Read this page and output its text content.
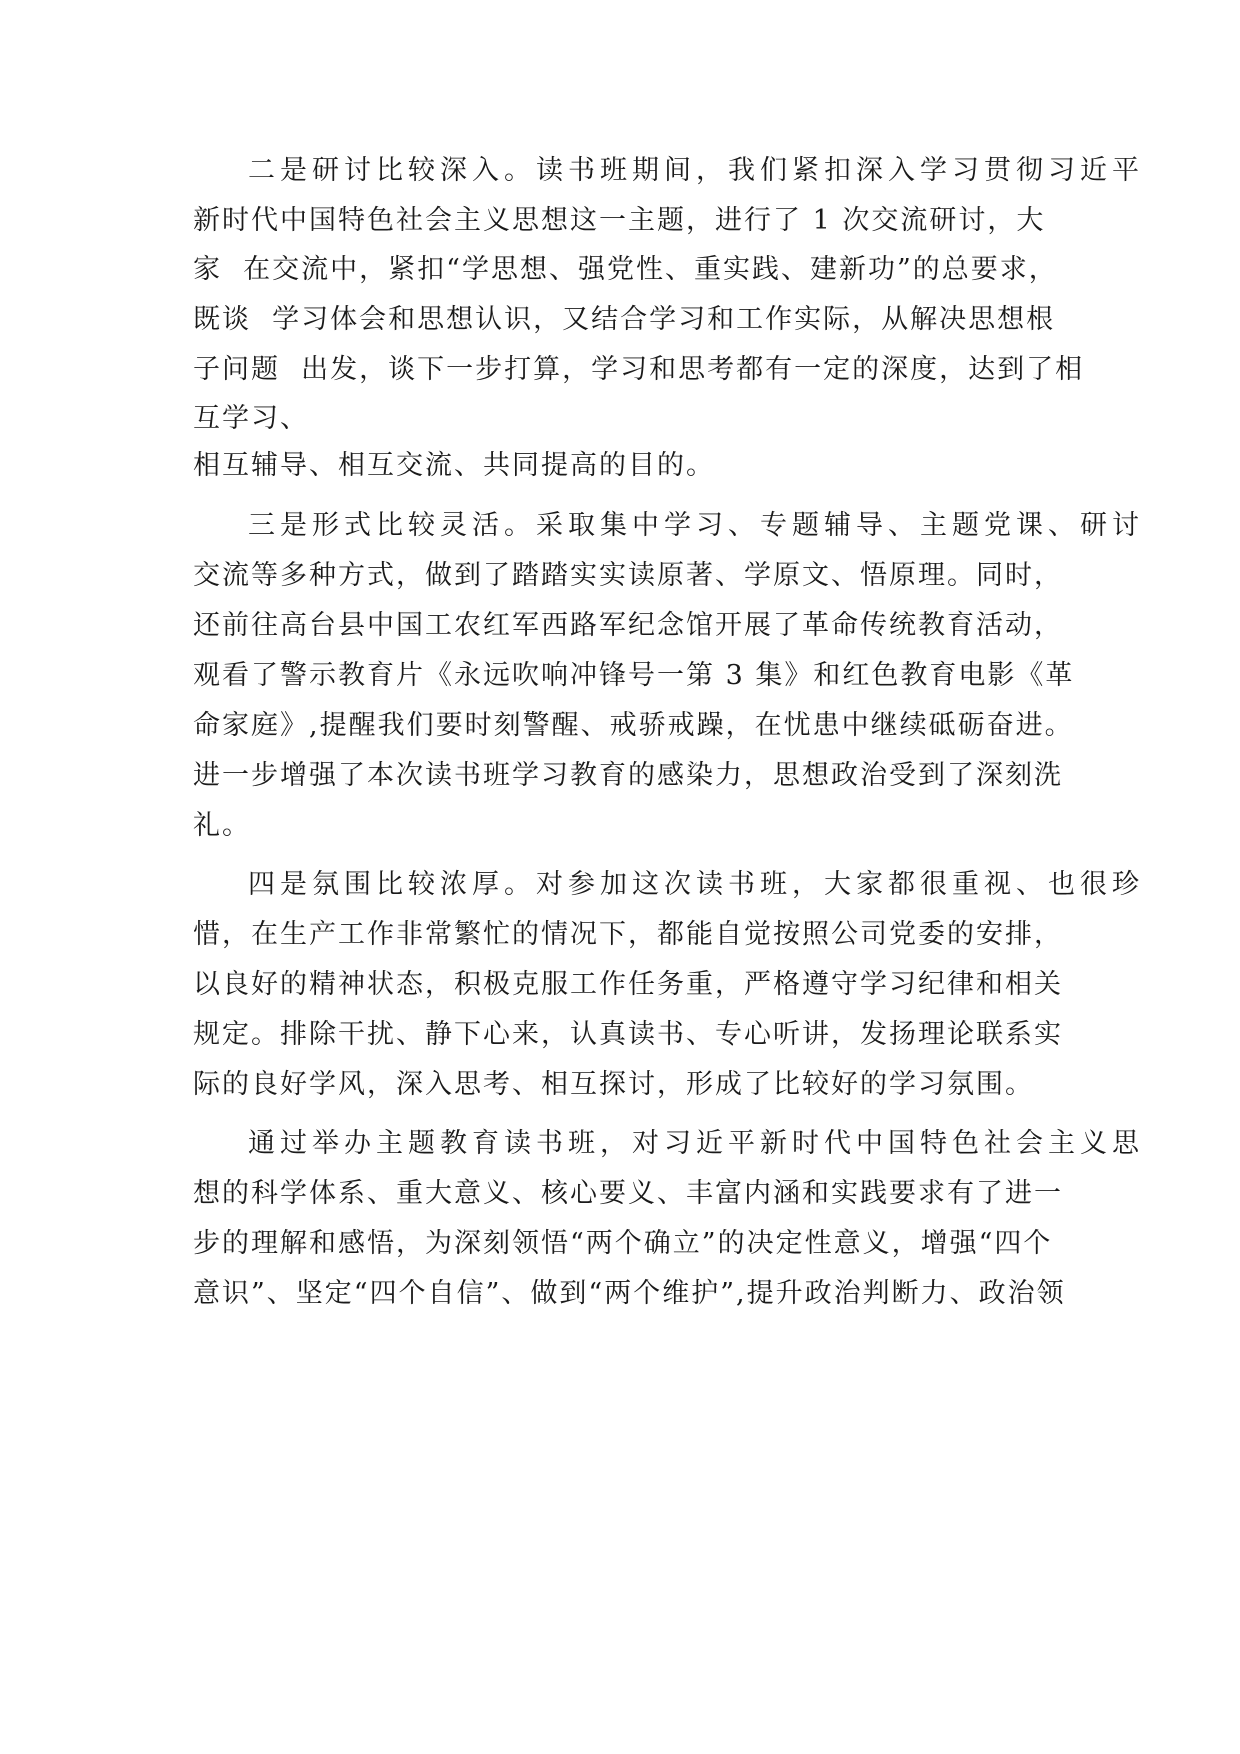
二是研讨比较深入。读书班期间，我们紧扣深入学习贯彻习近平
新时代中国特色社会主义思想这一主题，进行了 1 次交流研讨，大
家  在交流中，紧扣“学思想、强党性、重实践、建新功”的总要求，
既谈  学习体会和思想认识，又结合学习和工作实际，从解决思想根
子问题  出发，谈下一步打算，学习和思考都有一定的深度，达到了相
互学习、
相互辅导、相互交流、共同提高的目的。
三是形式比较灵活。采取集中学习、专题辅导、主题党课、研讨
交流等多种方式，做到了踏踏实实读原著、学原文、悟原理。同时，
还前往高台县中国工农红军西路军纪念馆开展了革命传统教育活动，
观看了警示教育片《永远吹响冲锋号一第 3 集》和红色教育电影《革
命家庭》,提醒我们要时刻警醒、戒骄戒躁，在忧患中继续砥砺奋进。
进一步增强了本次读书班学习教育的感染力，思想政治受到了深刻洗
礼。
四是氛围比较浓厚。对参加这次读书班，大家都很重视、也很珍
惜，在生产工作非常繁忙的情况下，都能自觉按照公司党委的安排，
以良好的精神状态，积极克服工作任务重，严格遵守学习纪律和相关
规定。排除干扰、静下心来，认真读书、专心听讲，发扬理论联系实
际的良好学风，深入思考、相互探讨，形成了比较好的学习氛围。
通过举办主题教育读书班，对习近平新时代中国特色社会主义思
想的科学体系、重大意义、核心要义、丰富内涵和实践要求有了进一
步的理解和感悟，为深刻领悟“两个确立”的决定性意义，增强“四个
意识”、坚定“四个自信”、做到“两个维护”,提升政治判断力、政治领
